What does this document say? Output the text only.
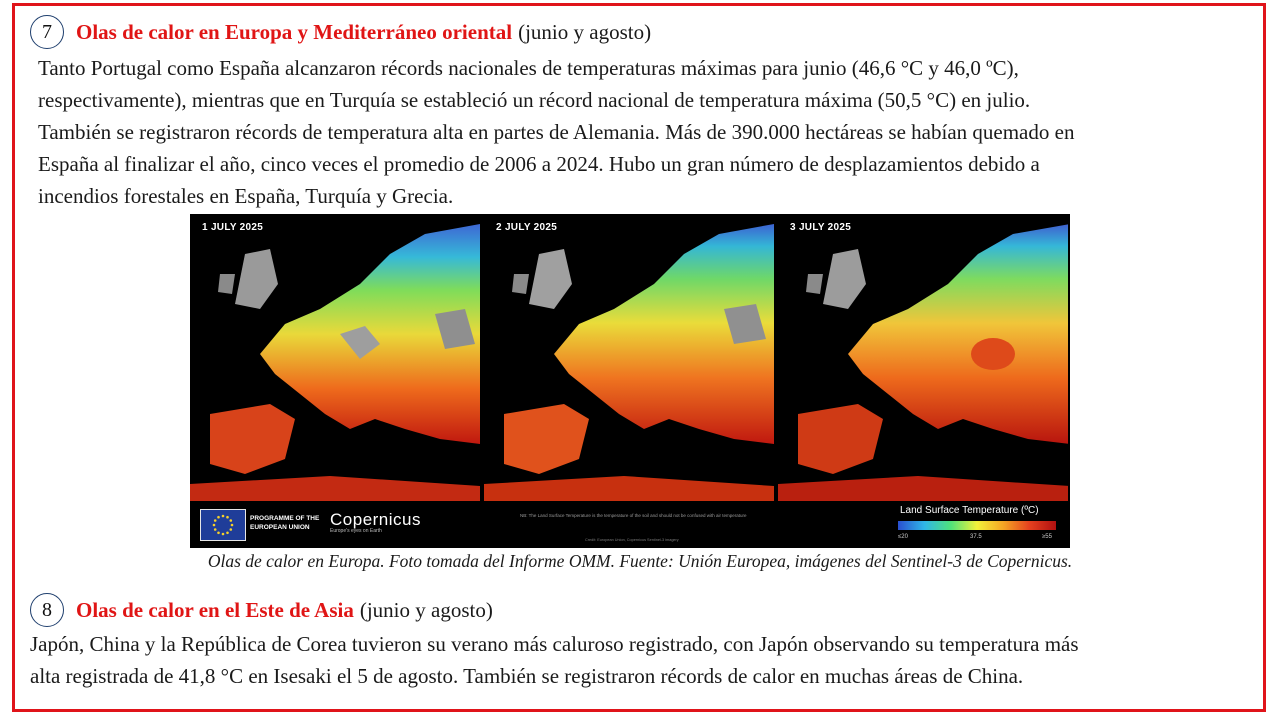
7	Olas de calor en Europa y Mediterráneo oriental (junio y agosto)

Tanto Portugal como España alcanzaron récords nacionales de temperaturas máximas para junio (46,6 °C y 46,0 ºC),

respectivamente), mientras que en Turquía se estableció un récord nacional de temperatura máxima (50,5 °C) en julio.

También se registraron récords de temperatura alta en partes de Alemania. Más de 390.000 hectáreas se habían quemado en

España al finalizar el año, cinco veces el promedio de 2006 a 2024. Hubo un gran número de desplazamientos debido a

incendios forestales en España, Turquía y Grecia.

1 JULY 2025	2 JULY 2025	3 JULY 2025
PROGRAMME OF THE
EUROPEAN UNION	Copernicus
Europe's eyes on Earth
NB: The Land Surface Temperature is the temperature of the soil and should not be confused with air temperature
Credit: European Union, Copernicus Sentinel-3 imagery
Land Surface Temperature (ºC)
≤20	37.5	≥55
Olas de calor en Europa. Foto tomada del Informe OMM. Fuente: Unión Europea, imágenes del Sentinel-3 de Copernicus.
8	Olas de calor en el Este de Asia (junio y agosto)

Japón, China y la República de Corea tuvieron su verano más caluroso registrado, con Japón observando su temperatura más

alta registrada de 41,8 °C en Isesaki el 5 de agosto. También se registraron récords de calor en muchas áreas de China.
